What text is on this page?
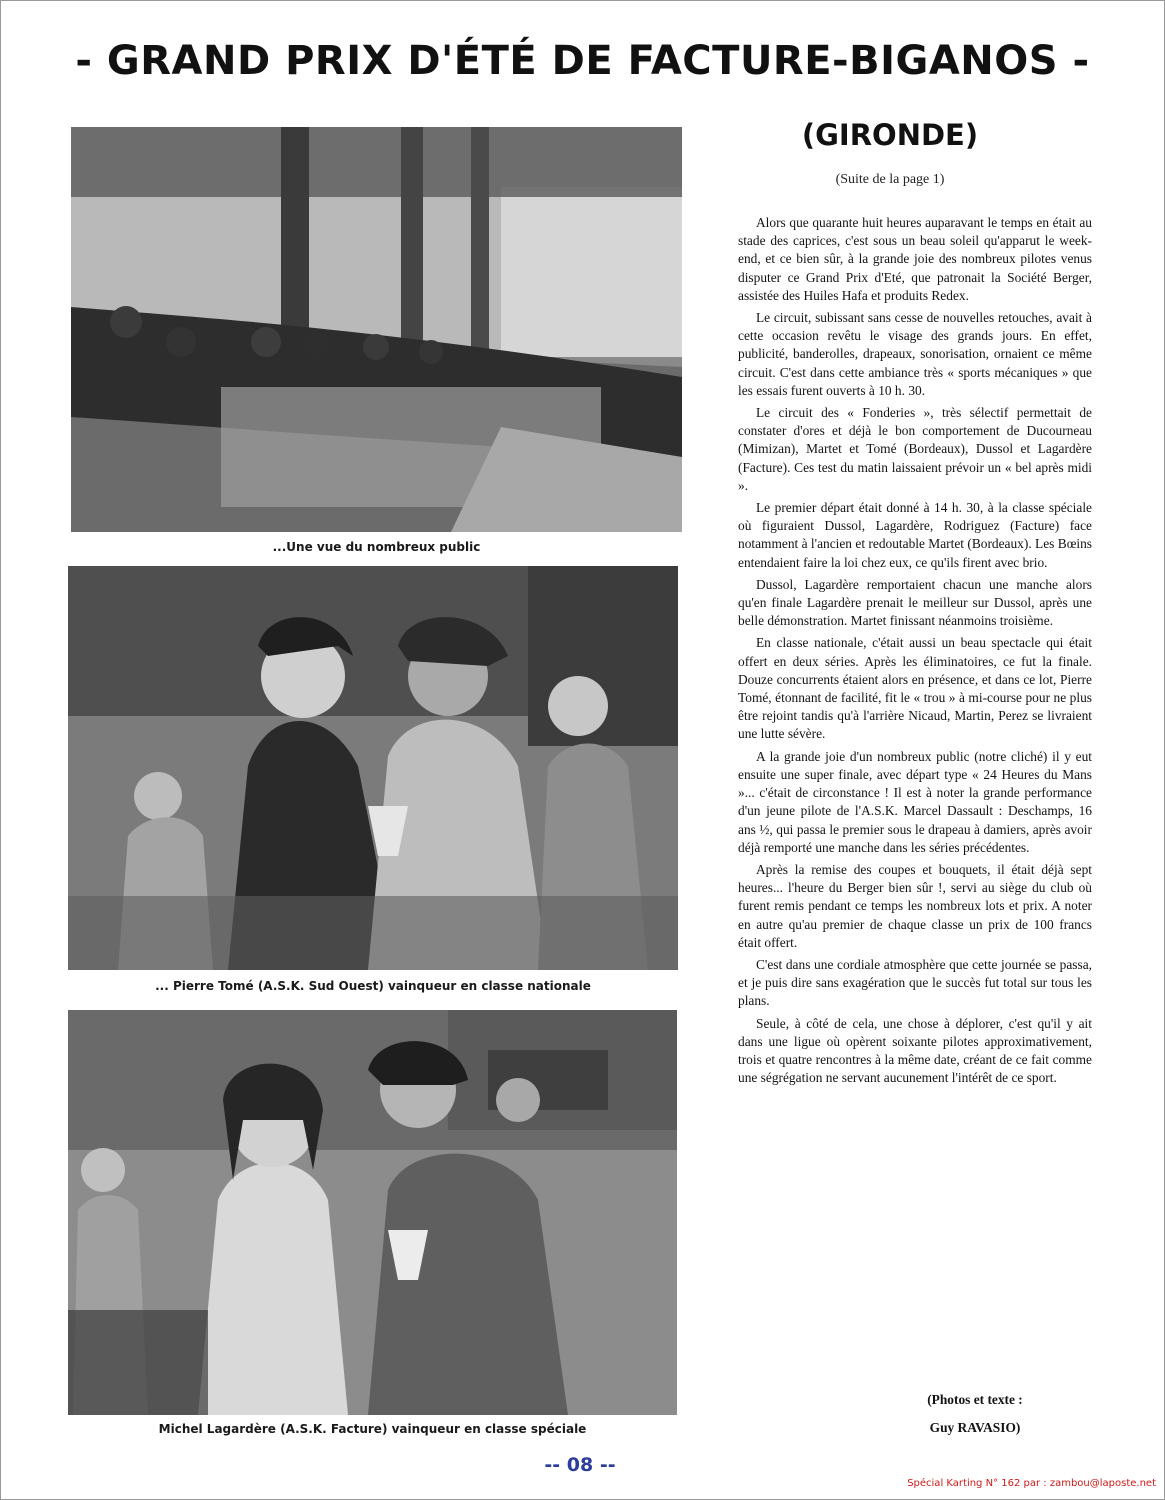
- GRAND PRIX D'ÉTÉ DE FACTURE-BIGANOS -
(GIRONDE)
(Suite de la page 1)
...Une vue du nombreux public
... Pierre Tomé (A.S.K. Sud Ouest) vainqueur en classe nationale
Michel Lagardère (A.S.K. Facture) vainqueur en classe spéciale

Alors que quarante huit heures auparavant le temps en était au stade des caprices, c'est sous un beau soleil qu'apparut le week-end, et ce bien sûr, à la grande joie des nombreux pilotes venus disputer ce Grand Prix d'Eté, que patronait la Société Berger, assistée des Huiles Hafa et produits Redex.

Le circuit, subissant sans cesse de nouvelles retouches, avait à cette occasion revêtu le visage des grands jours. En effet, publicité, banderolles, drapeaux, sonorisation, ornaient ce même circuit. C'est dans cette ambiance très « sports mécaniques » que les essais furent ouverts à 10 h. 30.

Le circuit des « Fonderies », très sélectif permettait de constater d'ores et déjà le bon comportement de Ducourneau (Mimizan), Martet et Tomé (Bordeaux), Dussol et Lagardère (Facture). Ces test du matin laissaient prévoir un « bel après midi ».

Le premier départ était donné à 14 h. 30, à la classe spéciale où figuraient Dussol, Lagardère, Rodriguez (Facture) face notamment à l'ancien et redoutable Martet (Bordeaux). Les Bœins entendaient faire la loi chez eux, ce qu'ils firent avec brio.

Dussol, Lagardère remportaient chacun une manche alors qu'en finale Lagardère prenait le meilleur sur Dussol, après une belle démonstration. Martet finissant néanmoins troisième.

En classe nationale, c'était aussi un beau spectacle qui était offert en deux séries. Après les éliminatoires, ce fut la finale. Douze concurrents étaient alors en présence, et dans ce lot, Pierre Tomé, étonnant de facilité, fit le « trou » à mi-course pour ne plus être rejoint tandis qu'à l'arrière Nicaud, Martin, Perez se livraient une lutte sévère.

A la grande joie d'un nombreux public (notre cliché) il y eut ensuite une super finale, avec départ type « 24 Heures du Mans »... c'était de circonstance ! Il est à noter la grande performance d'un jeune pilote de l'A.S.K. Marcel Dassault : Deschamps, 16 ans ½, qui passa le premier sous le drapeau à damiers, après avoir déjà remporté une manche dans les séries précédentes.

Après la remise des coupes et bouquets, il était déjà sept heures... l'heure du Berger bien sûr !, servi au siège du club où furent remis pendant ce temps les nombreux lots et prix. A noter en autre qu'au premier de chaque classe un prix de 100 francs était offert.

C'est dans une cordiale atmosphère que cette journée se passa, et je puis dire sans exagération que le succès fut total sur tous les plans.

Seule, à côté de cela, une chose à déplorer, c'est qu'il y ait dans une ligue où opèrent soixante pilotes approximativement, trois et quatre rencontres à la même date, créant de ce fait comme une ségrégation ne servant aucunement l'intérêt de ce sport.

(Photos et texte :
Guy RAVASIO)
-- 08 --
Spécial Karting N° 162 par : zambou@laposte.net
